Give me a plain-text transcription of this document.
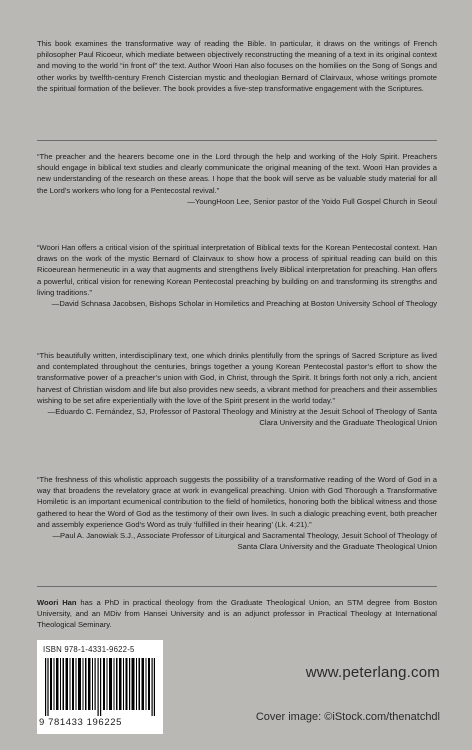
This book examines the transformative way of reading the Bible. In particular, it draws on the writings of French philosopher Paul Ricoeur, which mediate between objectively reconstructing the meaning of a text in its original context and moving to the world “in front of” the text. Author Woori Han also focuses on the homilies on the Song of Songs and other works by twelfth-century French Cistercian mystic and theologian Bernard of Clairvaux, whose writings promote the spiritual formation of the believer. The book provides a five-step transformative engagement with the Scriptures.

“The preacher and the hearers become one in the Lord through the help and working of the Holy Spirit. Preachers should engage in biblical text studies and clearly communicate the original meaning of the text. Woori Han provides a new understanding of the research on these areas. I hope that the book will serve as be valuable study material for all the Lord’s workers who long for a Pentecostal revival.”

—YoungHoon Lee, Senior pastor of the Yoido Full Gospel Church in Seoul

“Woori Han offers a critical vision of the spiritual interpretation of Biblical texts for the Korean Pentecostal context. Han draws on the work of the mystic Bernard of Clairvaux to show how a process of spiritual reading can build on this Ricoeurean hermeneutic in a way that augments and strengthens lively Biblical interpretation for preaching. Han offers a powerful, critical vision for renewing Korean Pentecostal preaching by building on and transforming its strengths and living traditions.”

—David Schnasa Jacobsen, Bishops Scholar in Homiletics and Preaching at Boston University School of Theology

“This beautifully written, interdisciplinary text, one which drinks plentifully from the springs of Sacred Scripture as lived and contemplated throughout the centuries, brings together a young Korean Pentecostal pastor’s effort to show the transformative power of a preacher’s union with God, in Christ, through the Spirit. It brings forth not only a rich, ancient harvest of Christian wisdom and life but also provides new seeds, a vibrant method for preachers and their assemblies wishing to be set afire experientially with the love of the Spirit present in the world today.”

—Eduardo C. Fernández, SJ, Professor of Pastoral Theology and Ministry at the Jesuit School of Theology of Santa Clara University and the Graduate Theological Union

“The freshness of this wholistic approach suggests the possibility of a transformative reading of the Word of God in a way that broadens the revelatory grace at work in evangelical preaching. Union with God Thorough a Transformative Homiletic is an important ecumenical contribution to the field of homiletics, honoring both the biblical witness and those gathered to hear the Word of God as the testimony of their own lives. In such a dialogic preaching event, both preacher and assembly experience God’s Word as truly ‘fulfilled in their hearing’ (Lk. 4:21).”

—Paul A. Janowiak S.J., Associate Professor of Liturgical and Sacramental Theology, Jesuit School of Theology of Santa Clara University and the Graduate Theological Union

Woori Han has a PhD in practical theology from the Graduate Theological Union, an STM degree from Boston University, and an MDiv from Hansei University and is an adjunct professor in Practical Theology at International Theological Seminary.

ISBN 978-1-4331-9622-5
9 781433 196225
www.peterlang.com
Cover image: ©iStock.com/thenatchdl
